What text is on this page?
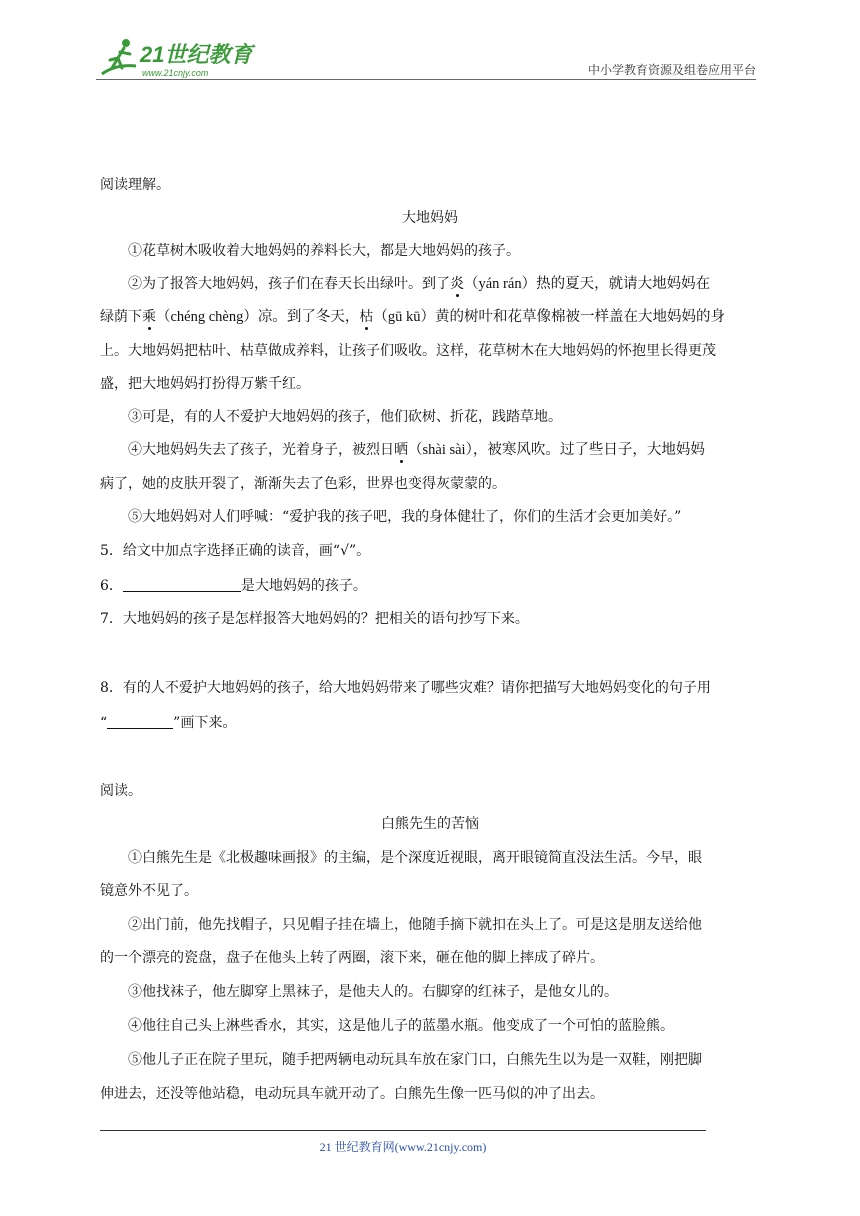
21世纪教育
www.21cnjy.com	中小学教育资源及组卷应用平台
阅读理解。
大地妈妈
①花草树木吸收着大地妈妈的养料长大，都是大地妈妈的孩子。
②为了报答大地妈妈，孩子们在春天长出绿叶。到了炎（yán rán）热的夏天，就请大地妈妈在
绿荫下乘（chéng chèng）凉。到了冬天，枯（gū kū）黄的树叶和花草像棉被一样盖在大地妈妈的身
上。大地妈妈把枯叶、枯草做成养料，让孩子们吸收。这样，花草树木在大地妈妈的怀抱里长得更茂
盛，把大地妈妈打扮得万紫千红。
③可是，有的人不爱护大地妈妈的孩子，他们砍树、折花，践踏草地。
④大地妈妈失去了孩子，光着身子，被烈日晒（shài sài），被寒风吹。过了些日子，大地妈妈
病了，她的皮肤开裂了，渐渐失去了色彩，世界也变得灰蒙蒙的。
⑤大地妈妈对人们呼喊：“爱护我的孩子吧，我的身体健壮了，你们的生活才会更加美好。”
5．给文中加点字选择正确的读音，画“√”。
6．	是大地妈妈的孩子。
7．大地妈妈的孩子是怎样报答大地妈妈的？把相关的语句抄写下来。
8．有的人不爱护大地妈妈的孩子，给大地妈妈带来了哪些灾难？请你把描写大地妈妈变化的句子用
“	”画下来。
阅读。
白熊先生的苦恼
①白熊先生是《北极趣味画报》的主编，是个深度近视眼，离开眼镜简直没法生活。今早，眼
镜意外不见了。
②出门前，他先找帽子，只见帽子挂在墙上，他随手摘下就扣在头上了。可是这是朋友送给他
的一个漂亮的瓷盘，盘子在他头上转了两圈，滚下来，砸在他的脚上摔成了碎片。
③他找袜子，他左脚穿上黑袜子，是他夫人的。右脚穿的红袜子，是他女儿的。
④他往自己头上淋些香水，其实，这是他儿子的蓝墨水瓶。他变成了一个可怕的蓝脸熊。
⑤他儿子正在院子里玩，随手把两辆电动玩具车放在家门口，白熊先生以为是一双鞋，刚把脚
伸进去，还没等他站稳，电动玩具车就开动了。白熊先生像一匹马似的冲了出去。
21 世纪教育网(www.21cnjy.com)
